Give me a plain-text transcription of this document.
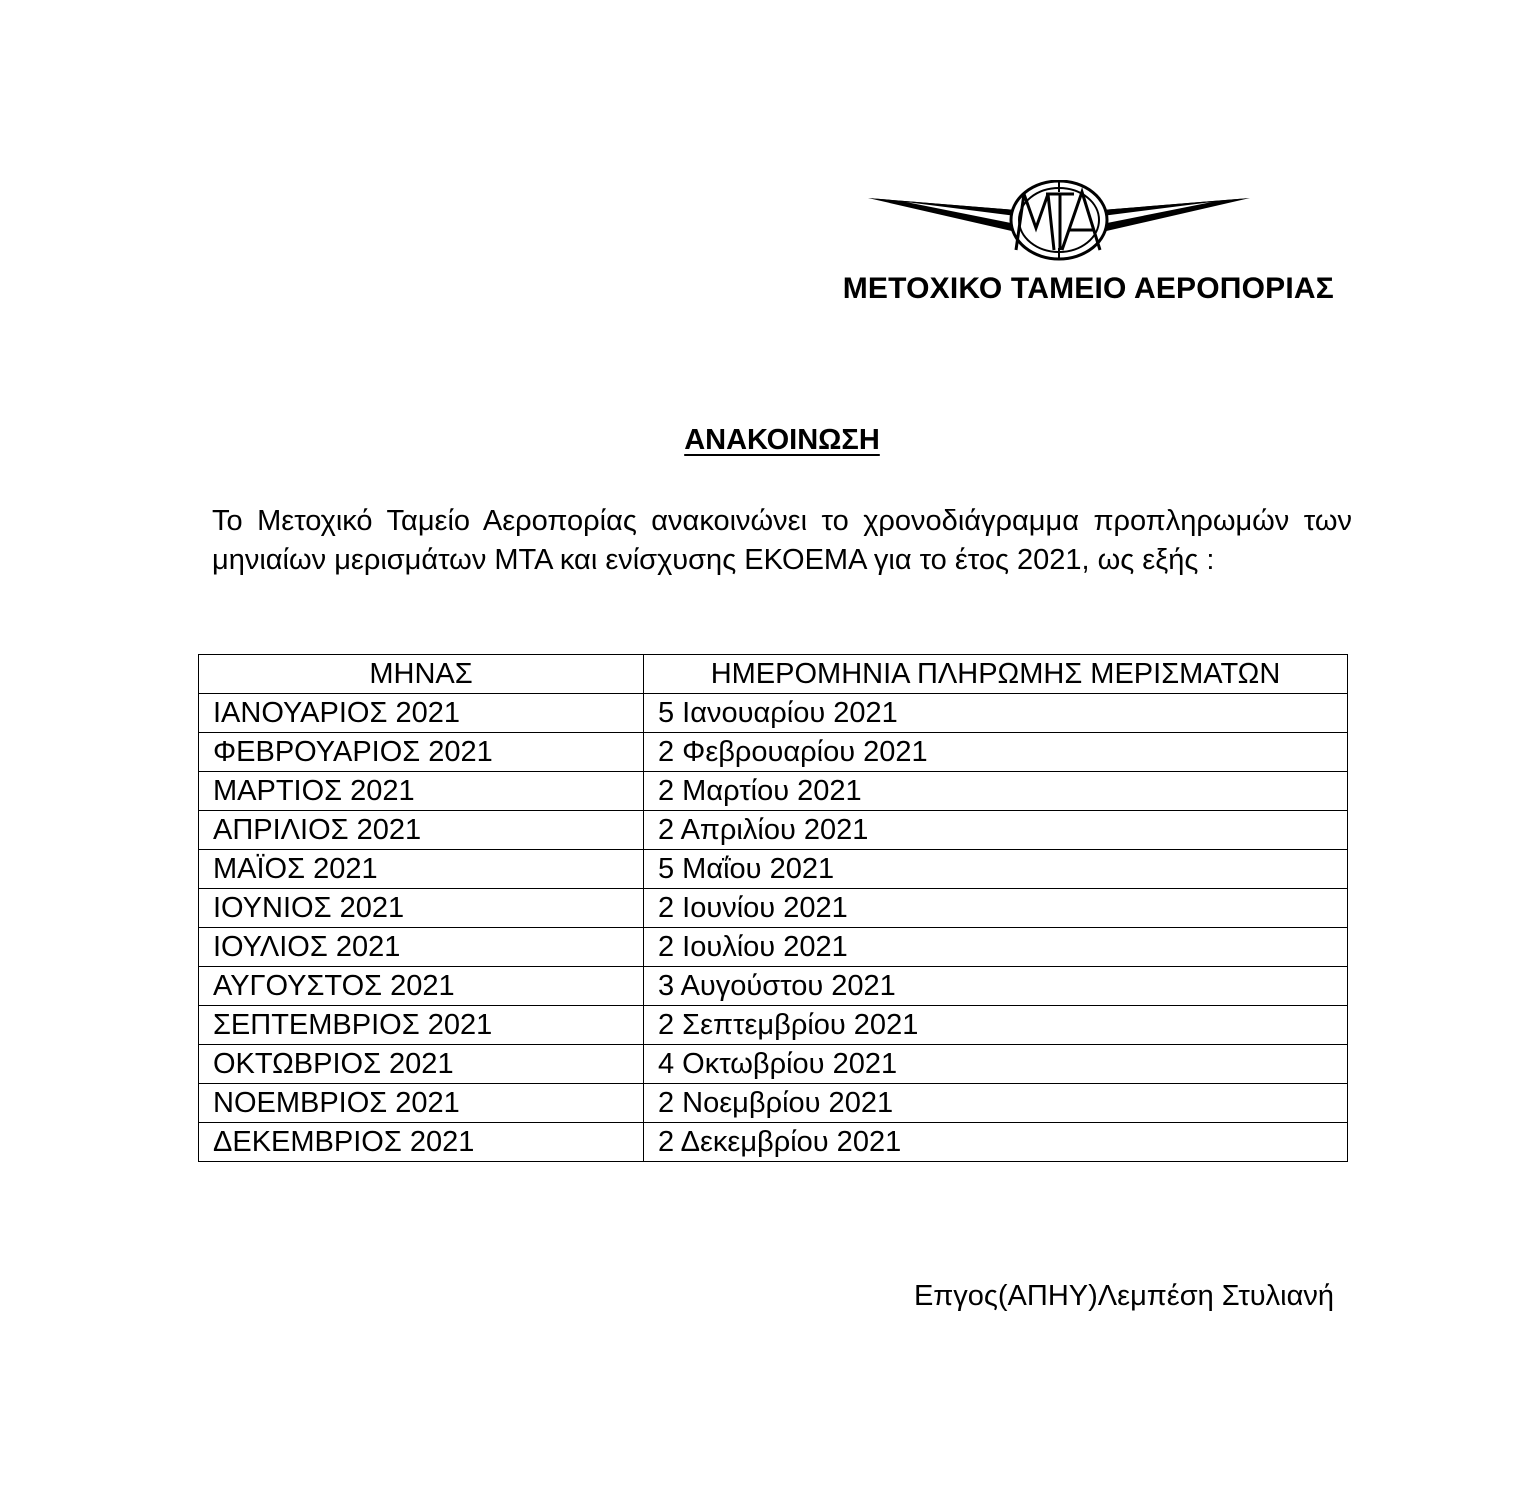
ΜΕΤΟΧΙΚΟ ΤΑΜΕΙΟ ΑΕΡΟΠΟΡΙΑΣ
ΑΝΑΚΟΙΝΩΣΗ

Το Μετοχικό Ταμείο Αεροπορίας ανακοινώνει το χρονοδιάγραμμα προπληρωμών των μηνιαίων μερισμάτων ΜΤΑ και ενίσχυσης ΕΚΟΕΜΑ για το έτος 2021, ως εξής :

ΜΗΝΑΣ	ΗΜΕΡΟΜΗΝΙΑ ΠΛΗΡΩΜΗΣ ΜΕΡΙΣΜΑΤΩΝ
ΙΑΝΟΥΑΡΙΟΣ 2021	5 Ιανουαρίου 2021
ΦΕΒΡΟΥΑΡΙΟΣ 2021	2 Φεβρουαρίου 2021
ΜΑΡΤΙΟΣ 2021	2 Μαρτίου 2021
ΑΠΡΙΛΙΟΣ 2021	2 Απριλίου 2021
ΜΑΪΟΣ 2021	5 Μαΐου 2021
ΙΟΥΝΙΟΣ 2021	2 Ιουνίου 2021
ΙΟΥΛΙΟΣ 2021	2 Ιουλίου 2021
ΑΥΓΟΥΣΤΟΣ 2021	3 Αυγούστου 2021
ΣΕΠΤΕΜΒΡΙΟΣ 2021	2 Σεπτεμβρίου 2021
ΟΚΤΩΒΡΙΟΣ 2021	4 Οκτωβρίου 2021
ΝΟΕΜΒΡΙΟΣ 2021	2 Νοεμβρίου 2021
ΔΕΚΕΜΒΡΙΟΣ 2021	2 Δεκεμβρίου 2021
Επγος(ΑΠΗΥ)Λεμπέση Στυλιανή
